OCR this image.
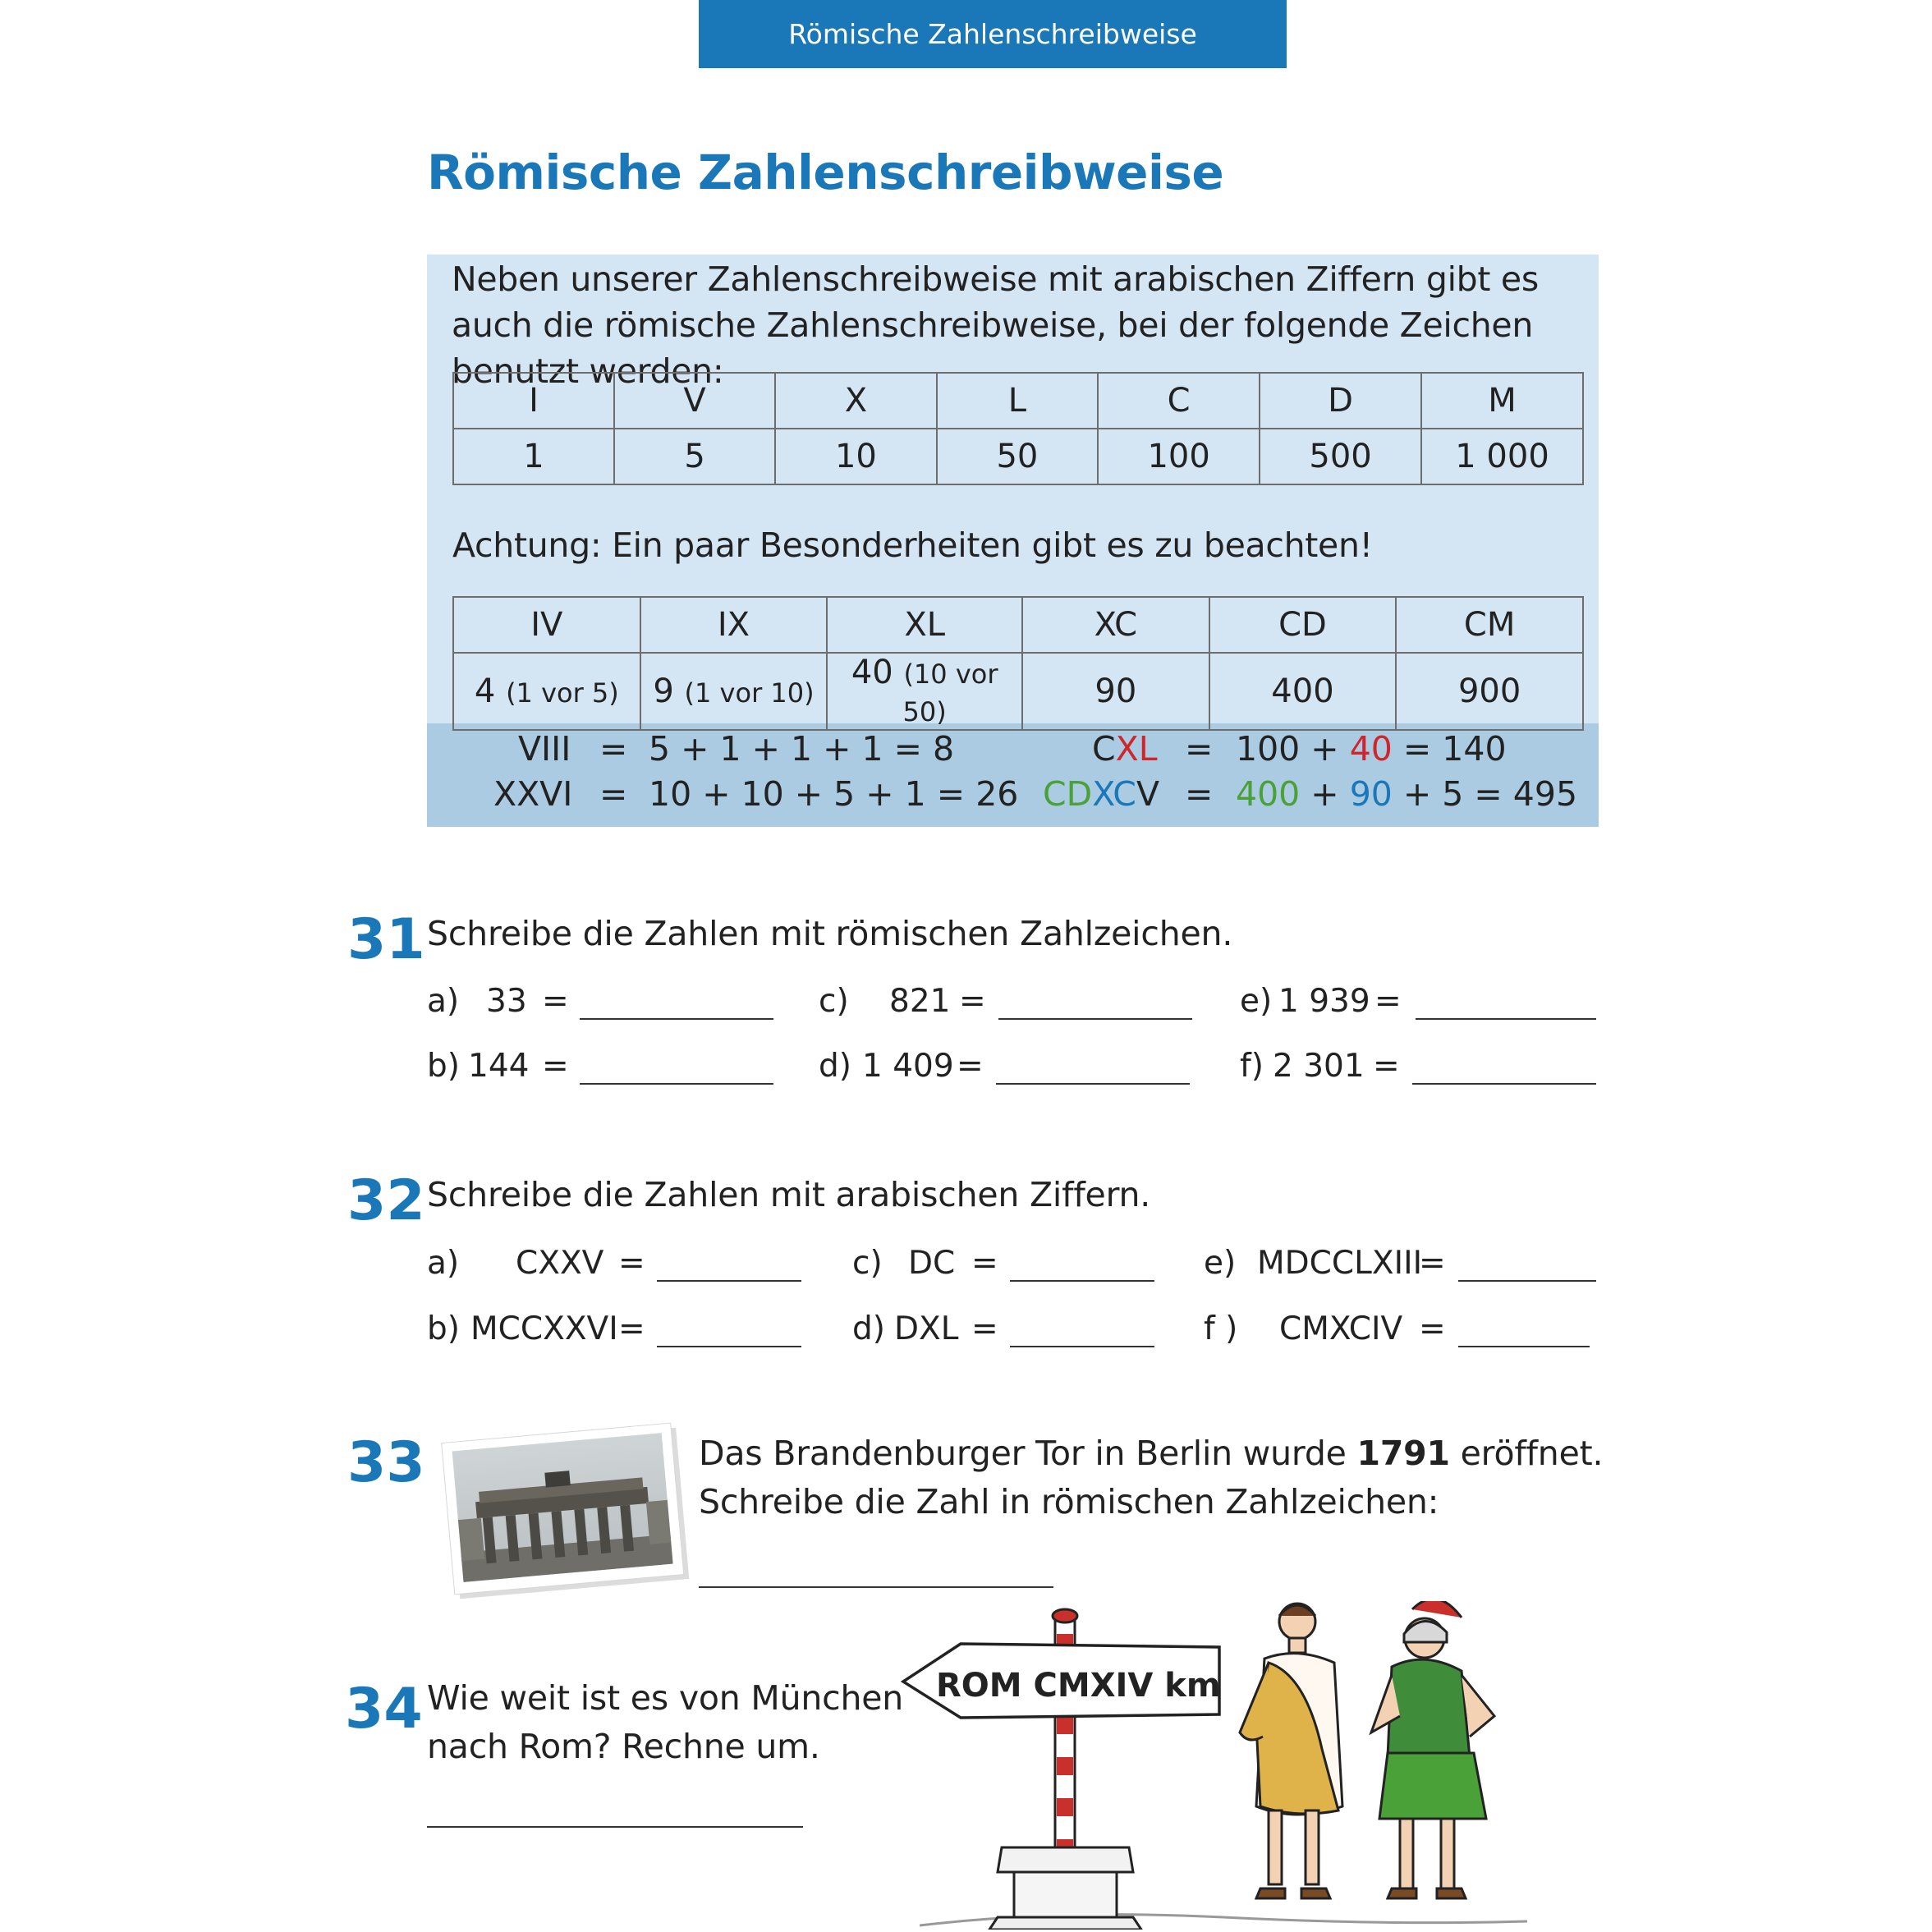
Römische Zahlenschreibweise
Römische Zahlenschreibweise
Neben unserer Zahlenschreibweise mit arabischen Ziffern gibt es auch die römische Zahlenschreibweise, bei der folgende Zeichen benutzt werden:
I	V	X	L	C	D	M
1	5	10	50	100	500	1 000
Achtung: Ein paar Besonderheiten gibt es zu beachten!
IV	IX	XL	XC	CD	CM
4 (1 vor 5)	9 (1 vor 10)	40 (10 vor 50)	90	400	900
VIII = 5 + 1 + 1 + 1 = 8
XXVI = 10 + 10 + 5 + 1 = 26
CXL = 100 + 40 = 140
CDXCV = 400 + 90 + 5 = 495
31 Schreibe die Zahlen mit römischen Zahlzeichen.
a) 33 =
b) 144 =
c) 821 =
d) 1 409 =
e) 1 939 =
f) 2 301 =
32 Schreibe die Zahlen mit arabischen Ziffern.
a) CXXV =
b) MCCXXVI =
c) DC =
d) DXL =
e) MDCCLXIII
=
f ) CMXCIV =
33	Das Brandenburger Tor in Berlin wurde 1791 eröffnet.
Schreibe die Zahl in römischen Zahlzeichen:
34 Wie weit ist es von München
nach Rom? Rechne um.
ROM CMXIV km
